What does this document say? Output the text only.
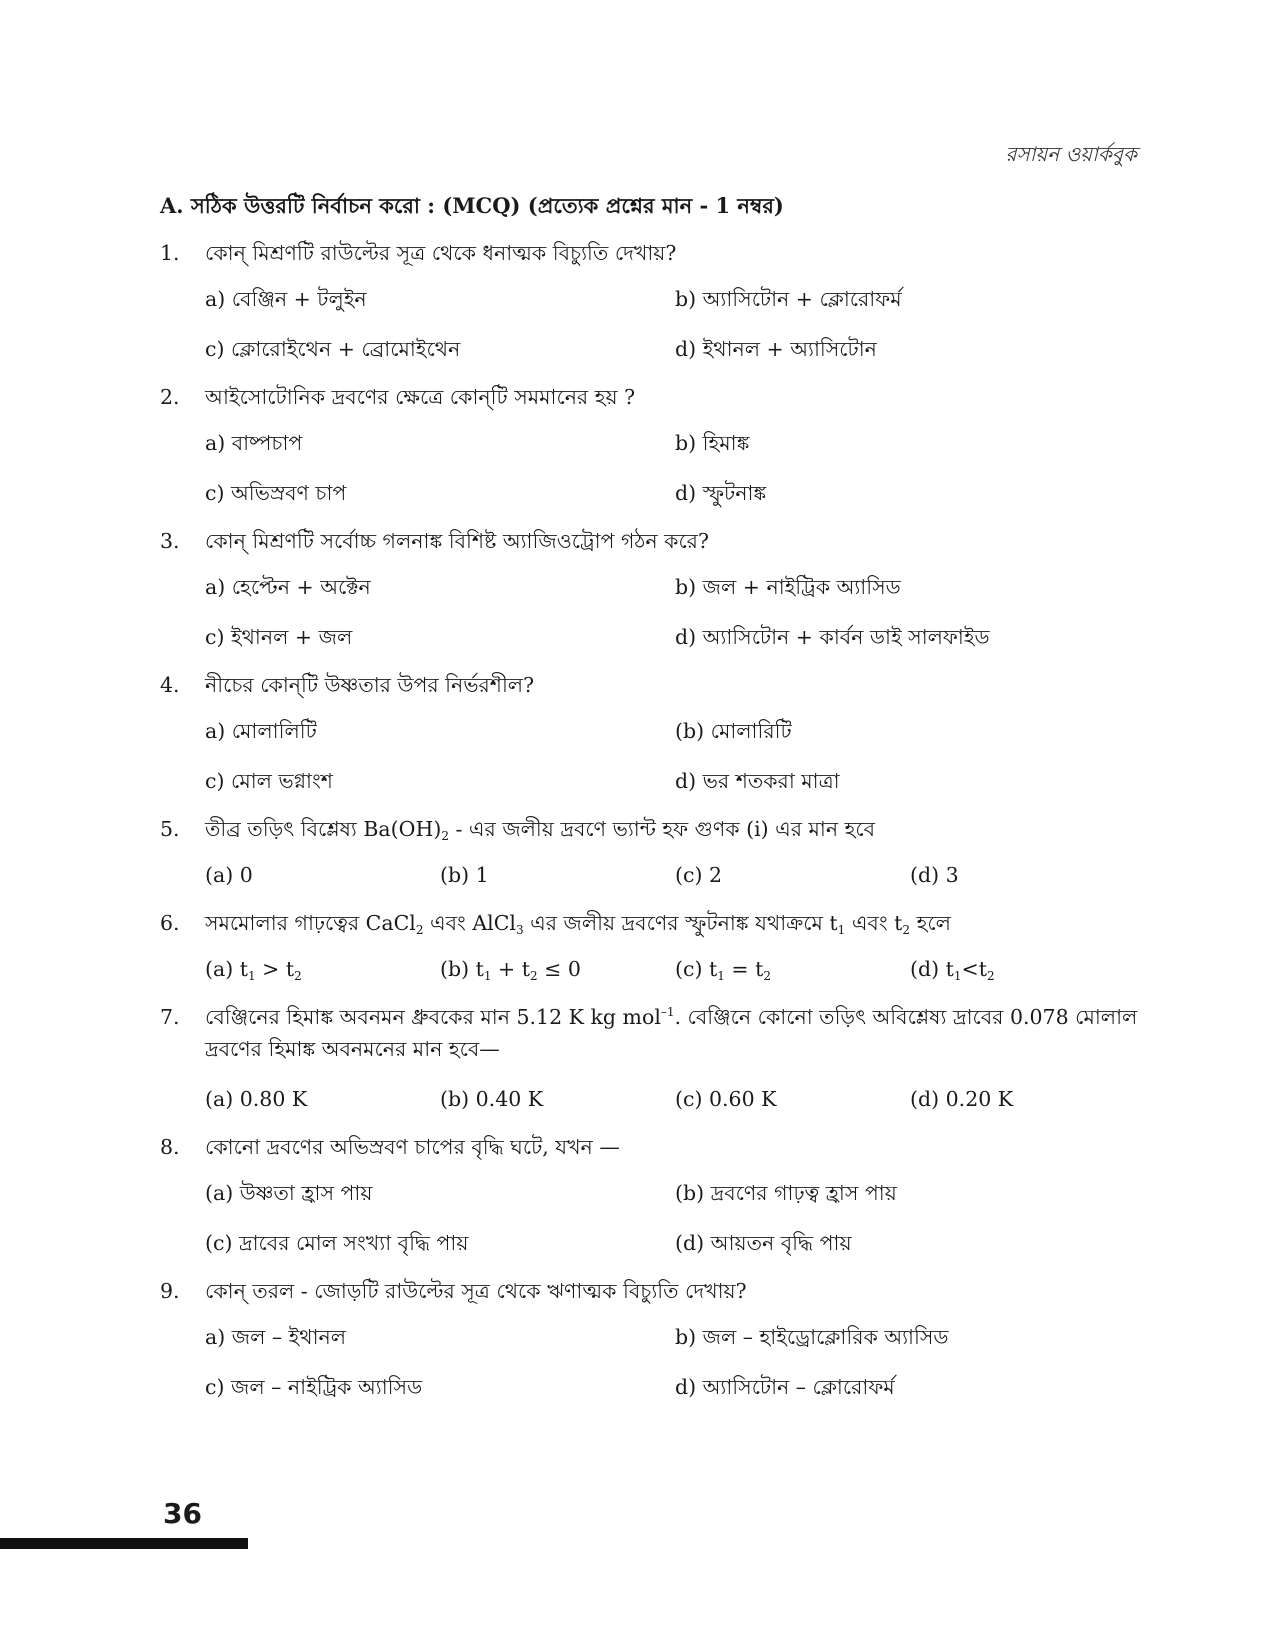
রসায়ন ওয়ার্কবুক
A. সঠিক উত্তরটি নির্বাচন করো : (MCQ) (প্রত্যেক প্রশ্নের মান - 1 নম্বর)
1.	কোন্ মিশ্রণটি রাউল্টের সূত্র থেকে ধনাত্মক বিচ্যুতি দেখায়?
a) বেঞ্জিন + টলুইন	b) অ্যাসিটোন + ক্লোরোফর্ম
c) ক্লোরোইথেন + ব্রোমোইথেন	d) ইথানল + অ্যাসিটোন
2.	আইসোটোনিক দ্রবণের ক্ষেত্রে কোন্‌টি সমমানের হয় ?
a) বাষ্পচাপ	b) হিমাঙ্ক
c) অভিস্রবণ চাপ	d) স্ফুটনাঙ্ক
3.	কোন্ মিশ্রণটি সর্বোচ্চ গলনাঙ্ক বিশিষ্ট অ্যাজিওট্রোপ গঠন করে?
a) হেপ্টেন + অক্টেন	b) জল + নাইট্রিক অ্যাসিড
c) ইথানল + জল	d) অ্যাসিটোন + কার্বন ডাই সালফাইড
4.	নীচের কোন্‌টি উষ্ণতার উপর নির্ভরশীল?
a) মোলালিটি	(b) মোলারিটি
c) মোল ভগ্নাংশ	d) ভর শতকরা মাত্রা
5.	তীব্র তড়িৎ বিশ্লেষ্য $Ba(OH)_2$ - এর জলীয় দ্রবণে ভ্যান্ট হফ গুণক (i) এর মান হবে
(a) 0	(b) 1	(c) 2	(d) 3
6.	সমমোলার গাঢ়ত্বের CaCl$_2$ এবং AlCl$_3$ এর জলীয় দ্রবণের স্ফুটনাঙ্ক যথাক্রমে $t_1$ এবং $t_2$ হলে
(a) $t_1 > t_2$	(b) $t_1 + t_2 \le 0$	(c) $t_1 = t_2$	(d) $t_1<t_2$
7.	বেঞ্জিনের হিমাঙ্ক অবনমন ধ্রুবকের মান 5.12 K kg mol$^{-1}$. বেঞ্জিনে কোনো তড়িৎ অবিশ্লেষ্য দ্রাবের 0.078 মোলাল
দ্রবণের হিমাঙ্ক অবনমনের মান হবে—
(a) 0.80 K	(b) 0.40 K	(c) 0.60 K	(d) 0.20 K
8.	কোনো দ্রবণের অভিস্রবণ চাপের বৃদ্ধি ঘটে, যখন —
(a) উষ্ণতা হ্রাস পায়	(b) দ্রবণের গাঢ়ত্ব হ্রাস পায়
(c) দ্রাবের মোল সংখ্যা বৃদ্ধি পায়	(d) আয়তন বৃদ্ধি পায়
9.	কোন্ তরল - জোড়টি রাউল্টের সূত্র থেকে ঋণাত্মক বিচ্যুতি দেখায়?
a) জল – ইথানল	b) জল – হাইড্রোক্লোরিক অ্যাসিড
c) জল – নাইট্রিক অ্যাসিড	d) অ্যাসিটোন – ক্লোরোফর্ম
36
